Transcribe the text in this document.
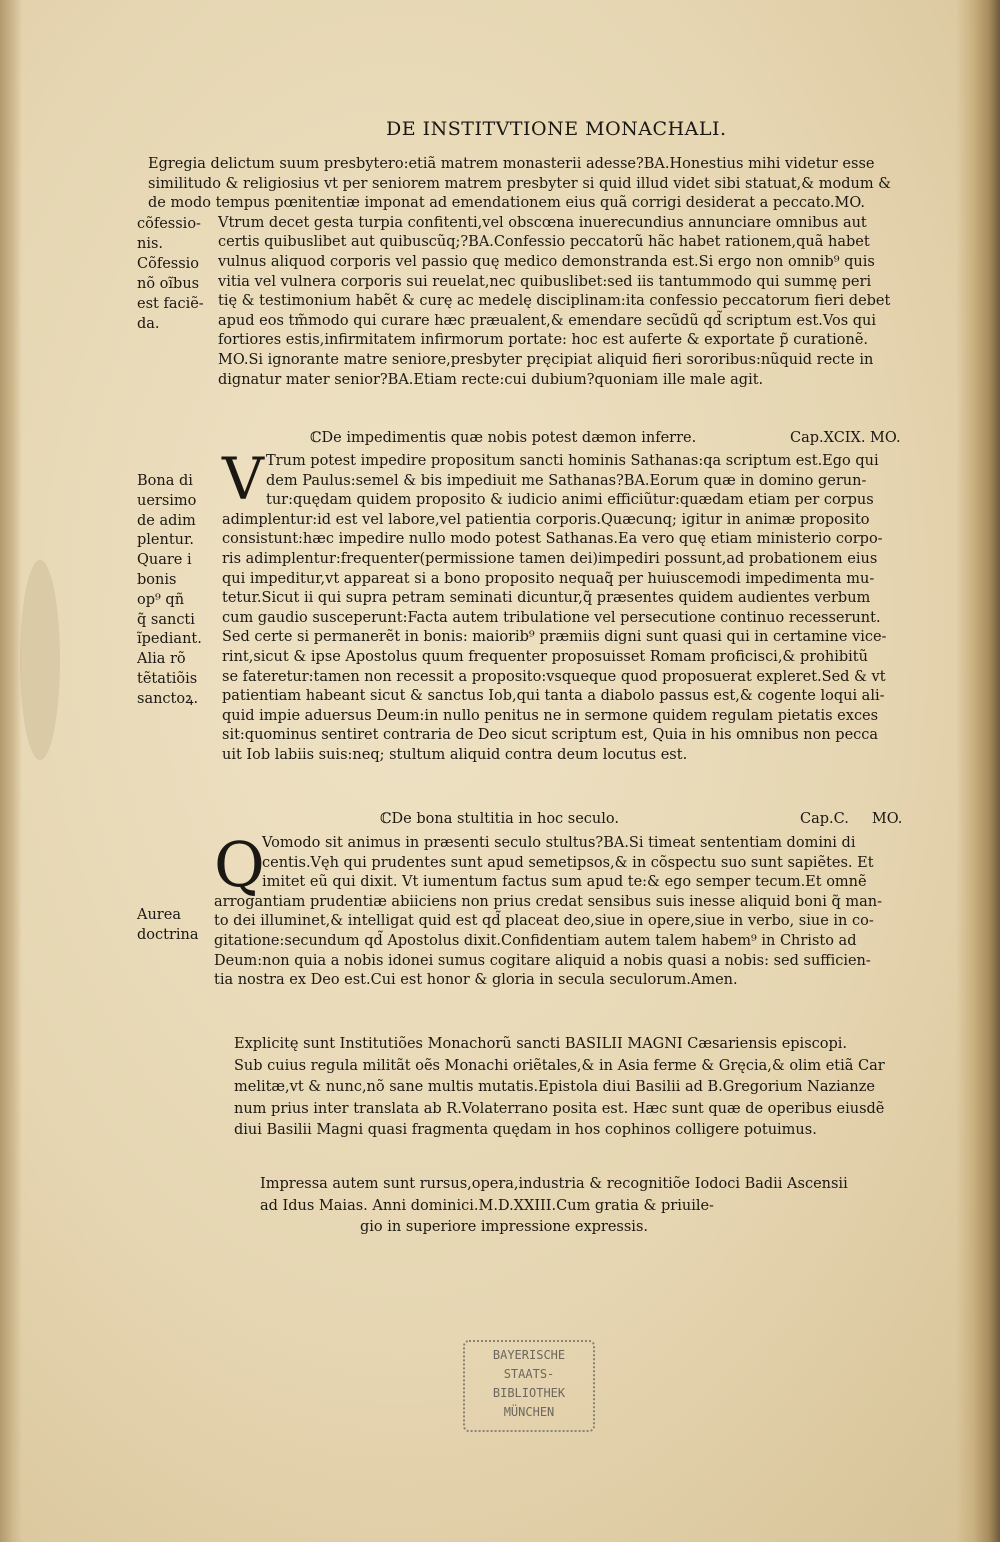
DE INSTITVTIONE MONACHALI.
cõfessio-
nis.
Cõfessio
nõ oĩbus
est faciẽ-
da.
Bona di
uersimo
de adim
plentur.
Quare i
bonis
op⁹ qñ
q̃ sancti
ĩpediant.
Alia rõ
tẽtatiõis
sanctoꝝ.
Aurea
doctrina
Egregia delictum suum presbytero:etiã matrem monasterii adesse?BA.Honestius mihi videtur esse
similitudo & religiosius vt per seniorem matrem presbyter si quid illud videt sibi statuat,& modum &
de modo tempus pœnitentiæ imponat ad emendationem eius quã corrigi desiderat a peccato.MO.
Vtrum decet gesta turpia confitenti,vel obscœna inuerecundius annunciare omnibus aut
certis quibuslibet aut quibuscũq;?BA.Confessio peccatorũ hãc habet rationem,quã habet
vulnus aliquod corporis vel passio quę medico demonstranda est.Si ergo non omnib⁹ quis
vitia vel vulnera corporis sui reuelat,nec quibuslibet:sed iis tantummodo qui summę peri
tię & testimonium habẽt & curę ac medelę disciplinam:ita confessio peccatorum fieri debet
apud eos tm̃modo qui curare hæc præualent,& emendare secũdũ qd̃ scriptum est.Vos qui
fortiores estis,infirmitatem infirmorum portate: hoc est auferte & exportate p̃ curationẽ.
MO.Si ignorante matre seniore,presbyter pręcipiat aliquid fieri sororibus:nũquid recte in
dignatur mater senior?BA.Etiam recte:cui dubium?quoniam ille male agit.
ℂDe impedimentis quæ nobis potest dæmon inferre.	Cap.XCIX. MO.
V Trum potest impedire propositum sancti hominis Sathanas:qa scriptum est.Ego qui
dem Paulus:semel & bis impediuit me Sathanas?BA.Eorum quæ in domino gerun-
tur:quędam quidem proposito & iudicio animi efficiũtur:quædam etiam per corpus
adimplentur:id est vel labore,vel patientia corporis.Quæcunq; igitur in animæ proposito
consistunt:hæc impedire nullo modo potest Sathanas.Ea vero quę etiam ministerio corpo-
ris adimplentur:frequenter(permissione tamen dei)impediri possunt,ad probationem eius
qui impeditur,vt appareat si a bono proposito nequaq̃ per huiuscemodi impedimenta mu-
tetur.Sicut ii qui supra petram seminati dicuntur,q̃ præsentes quidem audientes verbum
cum gaudio susceperunt:Facta autem tribulatione vel persecutione continuo recesserunt.
Sed certe si permanerẽt in bonis: maiorib⁹ præmiis digni sunt quasi qui in certamine vice-
rint,sicut & ipse Apostolus quum frequenter proposuisset Romam proficisci,& prohibitũ
se fateretur:tamen non recessit a proposito:vsqueque quod proposuerat expleret.Sed & vt
patientiam habeant sicut & sanctus Iob,qui tanta a diabolo passus est,& cogente loqui ali-
quid impie aduersus Deum:in nullo penitus ne in sermone quidem regulam pietatis exces
sit:quominus sentiret contraria de Deo sicut scriptum est, Quia in his omnibus non pecca
uit Iob labiis suis:neq; stultum aliquid contra deum locutus est.
ℂDe bona stultitia in hoc seculo.	Cap.C.     MO.
Q
Vomodo sit animus in præsenti seculo stultus?BA.Si timeat sententiam domini di
centis.Vęh qui prudentes sunt apud semetipsos,& in cõspectu suo sunt sapiẽtes. Et
imitet eũ qui dixit. Vt iumentum factus sum apud te:& ego semper tecum.Et omnẽ
arrogantiam prudentiæ abiiciens non prius credat sensibus suis inesse aliquid boni q̃ man-
to dei illuminet,& intelligat quid est qd̃ placeat deo,siue in opere,siue in verbo, siue in co-
gitatione:secundum qd̃ Apostolus dixit.Confidentiam autem talem habem⁹ in Christo ad
Deum:non quia a nobis idonei sumus cogitare aliquid a nobis quasi a nobis: sed sufficien-
tia nostra ex Deo est.Cui est honor & gloria in secula seculorum.Amen.
Explicitę sunt Institutiões Monachorũ sancti BASILII MAGNI Cæsariensis episcopi.
Sub cuius regula militãt oẽs Monachi oriẽtales,& in Asia ferme & Gręcia,& olim etiã Car
melitæ,vt & nunc,nõ sane multis mutatis.Epistola diui Basilii ad B.Gregorium Nazianze
num prius inter translata ab R.Volaterrano posita est. Hæc sunt quæ de operibus eiusdẽ
diui Basilii Magni quasi fragmenta quędam in hos cophinos colligere potuimus.
Impressa autem sunt rursus,opera,industria & recognitiõe Iodoci Badii Ascensii
ad Idus Maias. Anni dominici.M.D.XXIII.Cum gratia & priuile-
gio in superiore impressione expressis.
BAYERISCHE
STAATS-
BIBLIOTHEK
MÜNCHEN
